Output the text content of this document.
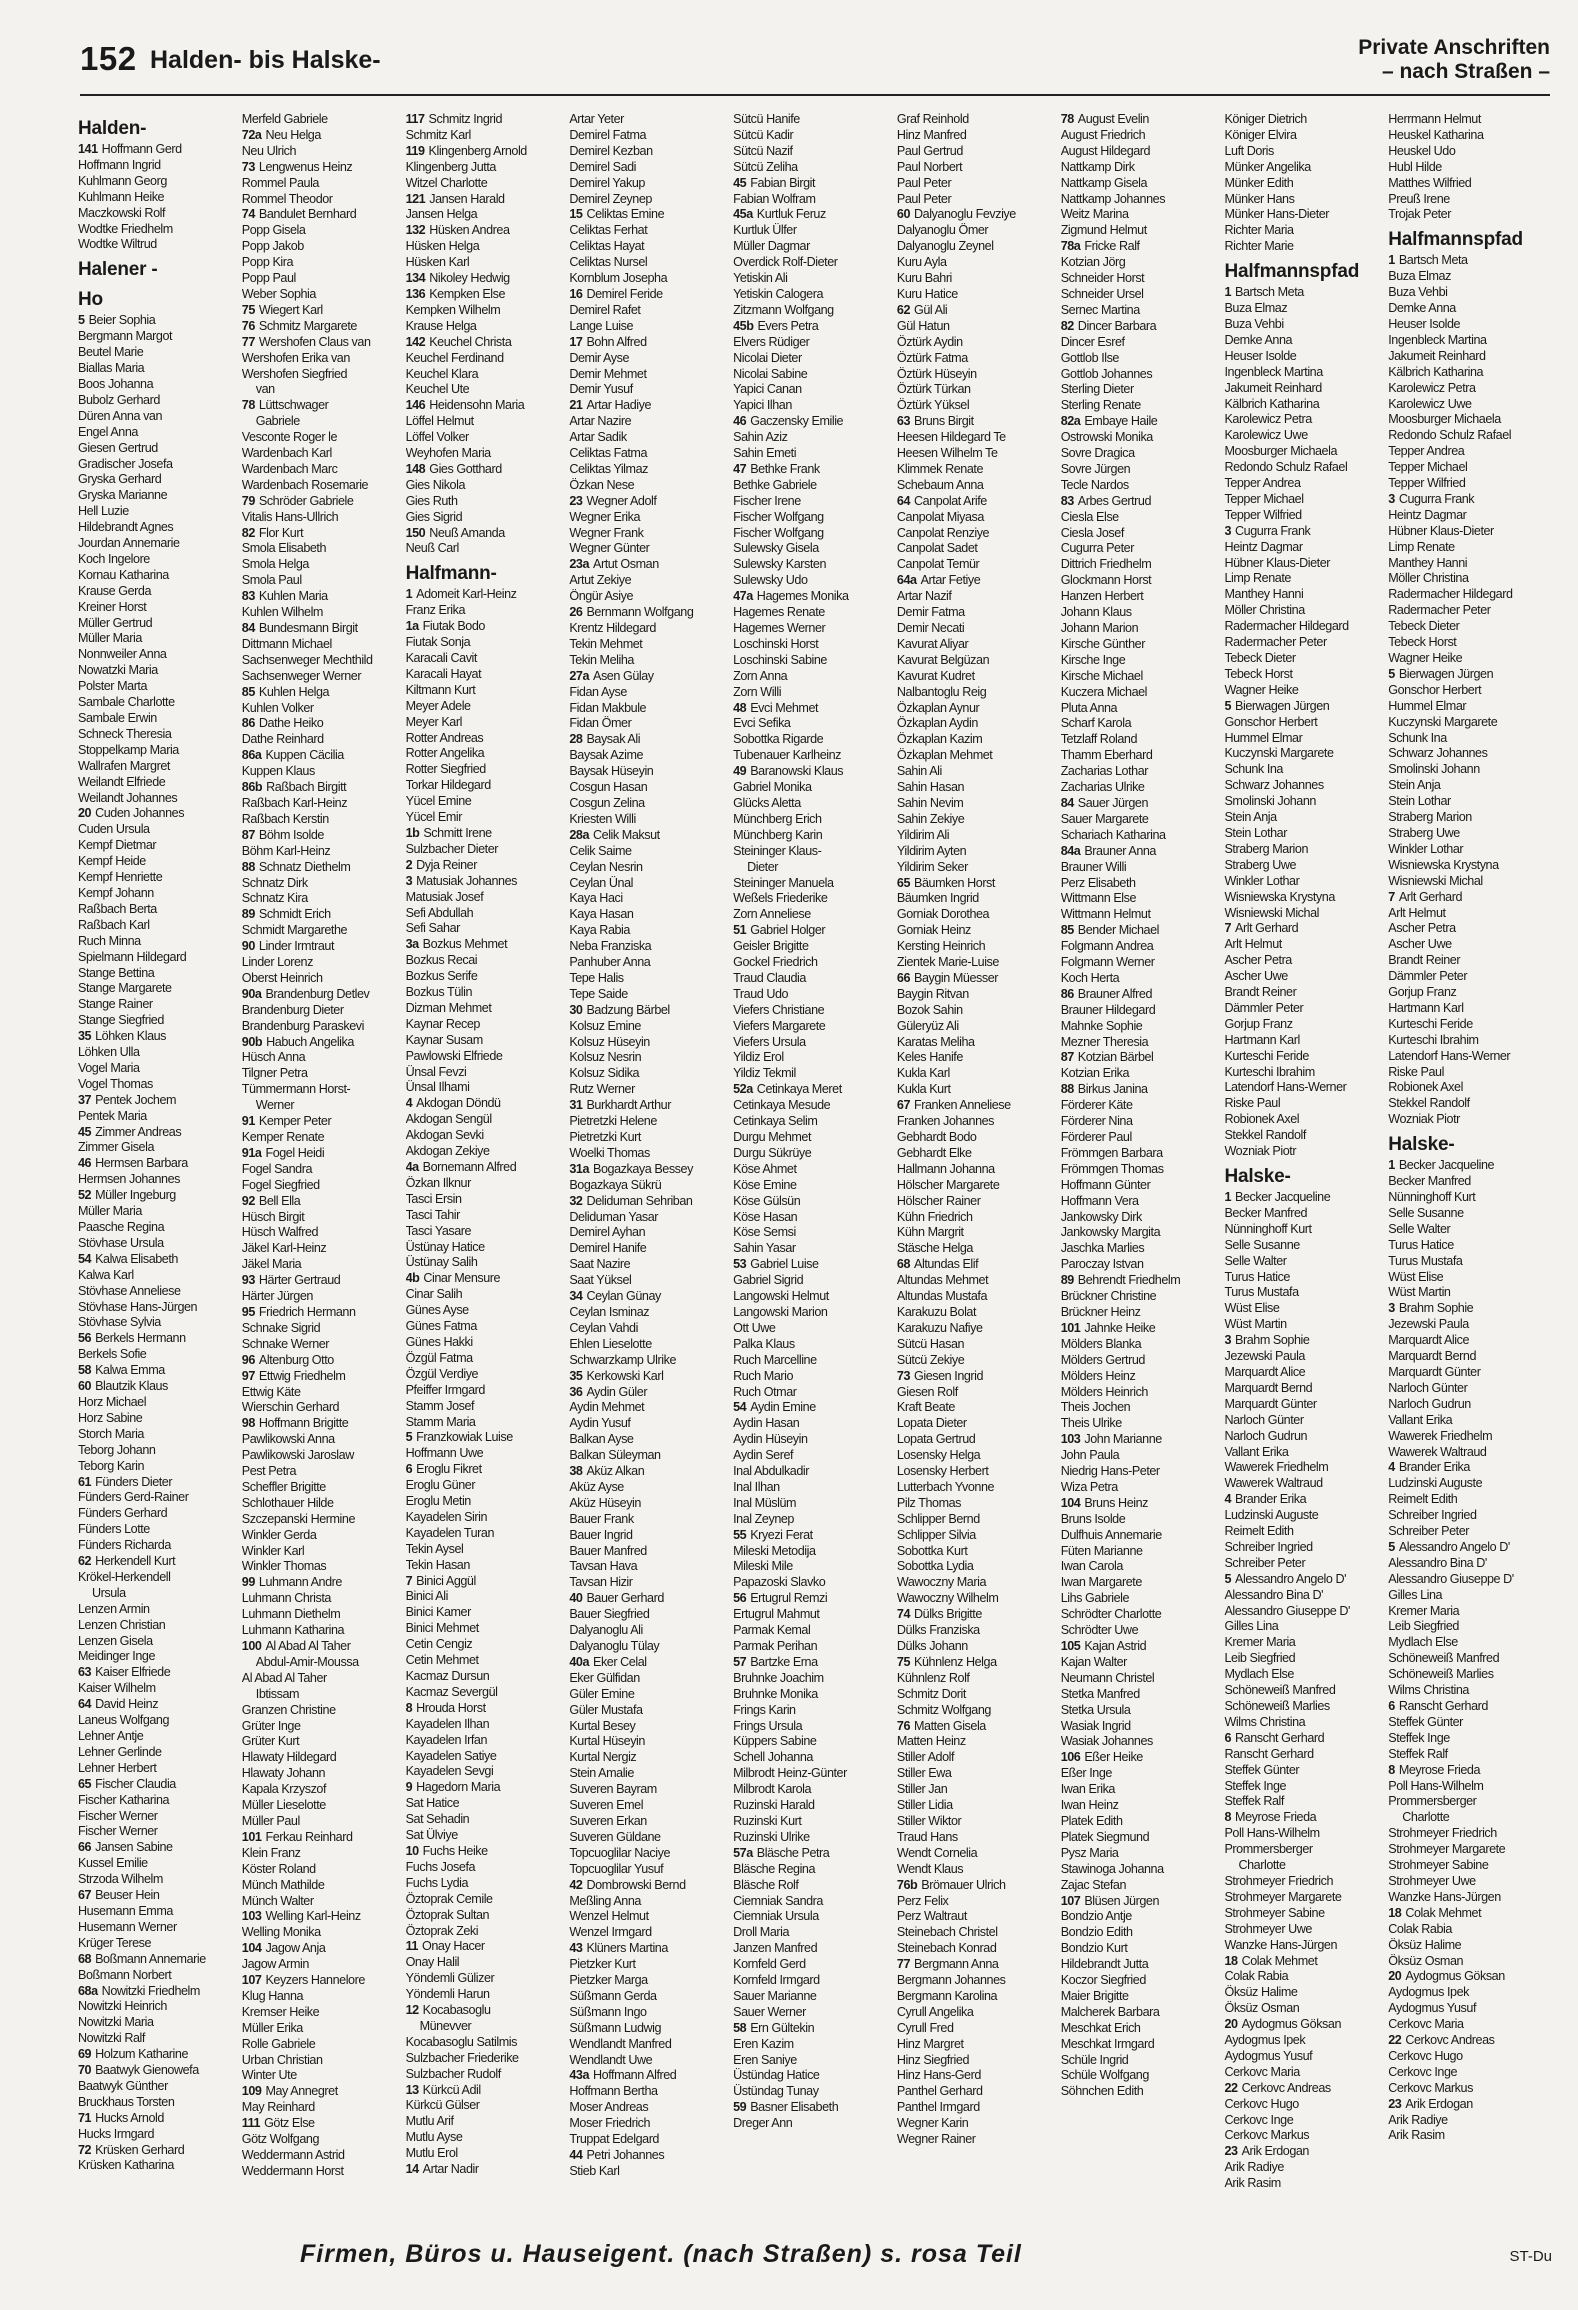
152 Halden- bis Halske-	Private Anschriften
– nach Straßen –
Halden-
141 Hoffmann Gerd
Hoffmann Ingrid
Kuhlmann Georg
Kuhlmann Heike
Maczkowski Rolf
Wodtke Friedhelm
Wodtke Wiltrud
Halener -
Ho
5 Beier Sophia
Bergmann Margot
Beutel Marie
Biallas Maria
Boos Johanna
Bubolz Gerhard
Düren Anna van
Engel Anna
Giesen Gertrud
Gradischer Josefa
Gryska Gerhard
Gryska Marianne
Hell Luzie
Hildebrandt Agnes
Jourdan Annemarie
Koch Ingelore
Kornau Katharina
Krause Gerda
Kreiner Horst
Müller Gertrud
Müller Maria
Nonnweiler Anna
Nowatzki Maria
Polster Marta
Sambale Charlotte
Sambale Erwin
Schneck Theresia
Stoppelkamp Maria
Wallrafen Margret
Weilandt Elfriede
Weilandt Johannes
20 Cuden Johannes
Cuden Ursula
Kempf Dietmar
Kempf Heide
Kempf Henriette
Kempf Johann
Raßbach Berta
Raßbach Karl
Ruch Minna
Spielmann Hildegard
Stange Bettina
Stange Margarete
Stange Rainer
Stange Siegfried
35 Löhken Klaus
Löhken Ulla
Vogel Maria
Vogel Thomas
37 Pentek Jochem
Pentek Maria
45 Zimmer Andreas
Zimmer Gisela
46 Hermsen Barbara
Hermsen Johannes
52 Müller Ingeburg
Müller Maria
Paasche Regina
Stövhase Ursula
54 Kalwa Elisabeth
Kalwa Karl
Stövhase Anneliese
Stövhase Hans-Jürgen
Stövhase Sylvia
56 Berkels Hermann
Berkels Sofie
58 Kalwa Emma
60 Blautzik Klaus
Horz Michael
Horz Sabine
Storch Maria
Teborg Johann
Teborg Karin
61 Fünders Dieter
Fünders Gerd-Rainer
Fünders Gerhard
Fünders Lotte
Fünders Richarda
62 Herkendell Kurt
Krökel-Herkendell
Ursula
Lenzen Armin
Lenzen Christian
Lenzen Gisela
Meidinger Inge
63 Kaiser Elfriede
Kaiser Wilhelm
64 David Heinz
Laneus Wolfgang
Lehner Antje
Lehner Gerlinde
Lehner Herbert
65 Fischer Claudia
Fischer Katharina
Fischer Werner
Fischer Werner
66 Jansen Sabine
Kussel Emilie
Strzoda Wilhelm
67 Beuser Hein
Husemann Emma
Husemann Werner
Krüger Terese
68 Boßmann Annemarie
Boßmann Norbert
68a Nowitzki Friedhelm
Nowitzki Heinrich
Nowitzki Maria
Nowitzki Ralf
69 Holzum Katharine
70 Baatwyk Gienowefa
Baatwyk Günther
Bruckhaus Torsten
71 Hucks Arnold
Hucks Irmgard
72 Krüsken Gerhard
Krüsken Katharina
Merfeld Gabriele
72a Neu Helga
Neu Ulrich
73 Lengwenus Heinz
Rommel Paula
Rommel Theodor
74 Bandulet Bernhard
Popp Gisela
Popp Jakob
Popp Kira
Popp Paul
Weber Sophia
75 Wiegert Karl
76 Schmitz Margarete
77 Wershofen Claus van
Wershofen Erika van
Wershofen Siegfried
van
78 Lüttschwager
Gabriele
Vesconte Roger le
Wardenbach Karl
Wardenbach Marc
Wardenbach Rosemarie
79 Schröder Gabriele
Vitalis Hans-Ullrich
82 Flor Kurt
Smola Elisabeth
Smola Helga
Smola Paul
83 Kuhlen Maria
Kuhlen Wilhelm
84 Bundesmann Birgit
Dittmann Michael
Sachsenweger Mechthild
Sachsenweger Werner
85 Kuhlen Helga
Kuhlen Volker
86 Dathe Heiko
Dathe Reinhard
86a Kuppen Cäcilia
Kuppen Klaus
86b Raßbach Birgitt
Raßbach Karl-Heinz
Raßbach Kerstin
87 Böhm Isolde
Böhm Karl-Heinz
88 Schnatz Diethelm
Schnatz Dirk
Schnatz Kira
89 Schmidt Erich
Schmidt Margarethe
90 Linder Irmtraut
Linder Lorenz
Oberst Heinrich
90a Brandenburg Detlev
Brandenburg Dieter
Brandenburg Paraskevi
90b Habuch Angelika
Hüsch Anna
Tilgner Petra
Tümmermann Horst-
Werner
91 Kemper Peter
Kemper Renate
91a Fogel Heidi
Fogel Sandra
Fogel Siegfried
92 Bell Ella
Hüsch Birgit
Hüsch Walfred
Jäkel Karl-Heinz
Jäkel Maria
93 Härter Gertraud
Härter Jürgen
95 Friedrich Hermann
Schnake Sigrid
Schnake Werner
96 Altenburg Otto
97 Ettwig Friedhelm
Ettwig Käte
Wierschin Gerhard
98 Hoffmann Brigitte
Pawlikowski Anna
Pawlikowski Jaroslaw
Pest Petra
Scheffler Brigitte
Schlothauer Hilde
Szczepanski Hermine
Winkler Gerda
Winkler Karl
Winkler Thomas
99 Luhmann Andre
Luhmann Christa
Luhmann Diethelm
Luhmann Katharina
100 Al Abad Al Taher
Abdul-Amir-Moussa
Al Abad Al Taher
Ibtissam
Granzen Christine
Grüter Inge
Grüter Kurt
Hlawaty Hildegard
Hlawaty Johann
Kapala Krzyszof
Müller Lieselotte
Müller Paul
101 Ferkau Reinhard
Klein Franz
Köster Roland
Münch Mathilde
Münch Walter
103 Welling Karl-Heinz
Welling Monika
104 Jagow Anja
Jagow Armin
107 Keyzers Hannelore
Klug Hanna
Kremser Heike
Müller Erika
Rolle Gabriele
Urban Christian
Winter Ute
109 May Annegret
May Reinhard
111 Götz Else
Götz Wolfgang
Weddermann Astrid
Weddermann Horst
117 Schmitz Ingrid
Schmitz Karl
119 Klingenberg Arnold
Klingenberg Jutta
Witzel Charlotte
121 Jansen Harald
Jansen Helga
132 Hüsken Andrea
Hüsken Helga
Hüsken Karl
134 Nikoley Hedwig
136 Kempken Else
Kempken Wilhelm
Krause Helga
142 Keuchel Christa
Keuchel Ferdinand
Keuchel Klara
Keuchel Ute
146 Heidensohn Maria
Löffel Helmut
Löffel Volker
Weyhofen Maria
148 Gies Gotthard
Gies Nikola
Gies Ruth
Gies Sigrid
150 Neuß Amanda
Neuß Carl
Halfmann-
1 Adomeit Karl-Heinz
Franz Erika
1a Fiutak Bodo
Fiutak Sonja
Karacali Cavit
Karacali Hayat
Kiltmann Kurt
Meyer Adele
Meyer Karl
Rotter Andreas
Rotter Angelika
Rotter Siegfried
Torkar Hildegard
Yücel Emine
Yücel Emir
1b Schmitt Irene
Sulzbacher Dieter
2 Dyja Reiner
3 Matusiak Johannes
Matusiak Josef
Sefi Abdullah
Sefi Sahar
3a Bozkus Mehmet
Bozkus Recai
Bozkus Serife
Bozkus Tülin
Dizman Mehmet
Kaynar Recep
Kaynar Susam
Pawlowski Elfriede
Ünsal Fevzi
Ünsal Ilhami
4 Akdogan Döndü
Akdogan Sengül
Akdogan Sevki
Akdogan Zekiye
4a Bornemann Alfred
Özkan Ilknur
Tasci Ersin
Tasci Tahir
Tasci Yasare
Üstünay Hatice
Üstünay Salih
4b Cinar Mensure
Cinar Salih
Günes Ayse
Günes Fatma
Günes Hakki
Özgül Fatma
Özgül Verdiye
Pfeiffer Irmgard
Stamm Josef
Stamm Maria
5 Franzkowiak Luise
Hoffmann Uwe
6 Eroglu Fikret
Eroglu Güner
Eroglu Metin
Kayadelen Sirin
Kayadelen Turan
Tekin Aysel
Tekin Hasan
7 Binici Aggül
Binici Ali
Binici Kamer
Binici Mehmet
Cetin Cengiz
Cetin Mehmet
Kacmaz Dursun
Kacmaz Severgül
8 Hrouda Horst
Kayadelen Ilhan
Kayadelen Irfan
Kayadelen Satiye
Kayadelen Sevgi
9 Hagedorn Maria
Sat Hatice
Sat Sehadin
Sat Ülviye
10 Fuchs Heike
Fuchs Josefa
Fuchs Lydia
Öztoprak Cemile
Öztoprak Sultan
Öztoprak Zeki
11 Onay Hacer
Onay Halil
Yöndemli Gülizer
Yöndemli Harun
12 Kocabasoglu
Münevver
Kocabasoglu Satilmis
Sulzbacher Friederike
Sulzbacher Rudolf
13 Kürkcü Adil
Kürkcü Gülser
Mutlu Arif
Mutlu Ayse
Mutlu Erol
14 Artar Nadir
Artar Yeter
Demirel Fatma
Demirel Kezban
Demirel Sadi
Demirel Yakup
Demirel Zeynep
15 Celiktas Emine
Celiktas Ferhat
Celiktas Hayat
Celiktas Nursel
Kornblum Josepha
16 Demirel Feride
Demirel Rafet
Lange Luise
17 Bohn Alfred
Demir Ayse
Demir Mehmet
Demir Yusuf
21 Artar Hadiye
Artar Nazire
Artar Sadik
Celiktas Fatma
Celiktas Yilmaz
Özkan Nese
23 Wegner Adolf
Wegner Erika
Wegner Frank
Wegner Günter
23a Artut Osman
Artut Zekiye
Öngür Asiye
26 Bernmann Wolfgang
Krentz Hildegard
Tekin Mehmet
Tekin Meliha
27a Asen Gülay
Fidan Ayse
Fidan Makbule
Fidan Ömer
28 Baysak Ali
Baysak Azime
Baysak Hüseyin
Cosgun Hasan
Cosgun Zelina
Kriesten Willi
28a Celik Maksut
Celik Saime
Ceylan Nesrin
Ceylan Ünal
Kaya Haci
Kaya Hasan
Kaya Rabia
Neba Franziska
Panhuber Anna
Tepe Halis
Tepe Saide
30 Badzung Bärbel
Kolsuz Emine
Kolsuz Hüseyin
Kolsuz Nesrin
Kolsuz Sidika
Rutz Werner
31 Burkhardt Arthur
Pietretzki Helene
Pietretzki Kurt
Woelki Thomas
31a Bogazkaya Bessey
Bogazkaya Sükrü
32 Deliduman Sehriban
Deliduman Yasar
Demirel Ayhan
Demirel Hanife
Saat Nazire
Saat Yüksel
34 Ceylan Günay
Ceylan Isminaz
Ceylan Vahdi
Ehlen Lieselotte
Schwarzkamp Ulrike
35 Kerkowski Karl
36 Aydin Güler
Aydin Mehmet
Aydin Yusuf
Balkan Ayse
Balkan Süleyman
38 Aküz Alkan
Aküz Ayse
Aküz Hüseyin
Bauer Frank
Bauer Ingrid
Bauer Manfred
Tavsan Hava
Tavsan Hizir
40 Bauer Gerhard
Bauer Siegfried
Dalyanoglu Ali
Dalyanoglu Tülay
40a Eker Celal
Eker Gülfidan
Güler Emine
Güler Mustafa
Kurtal Besey
Kurtal Hüseyin
Kurtal Nergiz
Stein Amalie
Suveren Bayram
Suveren Emel
Suveren Erkan
Suveren Güldane
Topcuoglilar Naciye
Topcuoglilar Yusuf
42 Dombrowski Bernd
Meßling Anna
Wenzel Helmut
Wenzel Irmgard
43 Klüners Martina
Pietzker Kurt
Pietzker Marga
Süßmann Gerda
Süßmann Ingo
Süßmann Ludwig
Wendlandt Manfred
Wendlandt Uwe
43a Hoffmann Alfred
Hoffmann Bertha
Moser Andreas
Moser Friedrich
Truppat Edelgard
44 Petri Johannes
Stieb Karl
Sütcü Hanife
Sütcü Kadir
Sütcü Nazif
Sütcü Zeliha
45 Fabian Birgit
Fabian Wolfram
45a Kurtluk Feruz
Kurtluk Ülfer
Müller Dagmar
Overdick Rolf-Dieter
Yetiskin Ali
Yetiskin Calogera
Zitzmann Wolfgang
45b Evers Petra
Elvers Rüdiger
Nicolai Dieter
Nicolai Sabine
Yapici Canan
Yapici Ilhan
46 Gaczensky Emilie
Sahin Aziz
Sahin Emeti
47 Bethke Frank
Bethke Gabriele
Fischer Irene
Fischer Wolfgang
Fischer Wolfgang
Sulewsky Gisela
Sulewsky Karsten
Sulewsky Udo
47a Hagemes Monika
Hagemes Renate
Hagemes Werner
Loschinski Horst
Loschinski Sabine
Zorn Anna
Zorn Willi
48 Evci Mehmet
Evci Sefika
Sobottka Rigarde
Tubenauer Karlheinz
49 Baranowski Klaus
Gabriel Monika
Glücks Aletta
Münchberg Erich
Münchberg Karin
Steininger Klaus-
Dieter
Steininger Manuela
Weßels Friederike
Zorn Anneliese
51 Gabriel Holger
Geisler Brigitte
Gockel Friedrich
Traud Claudia
Traud Udo
Viefers Christiane
Viefers Margarete
Viefers Ursula
Yildiz Erol
Yildiz Tekmil
52a Cetinkaya Meret
Cetinkaya Mesude
Cetinkaya Selim
Durgu Mehmet
Durgu Sükrüye
Köse Ahmet
Köse Emine
Köse Gülsün
Köse Hasan
Köse Semsi
Sahin Yasar
53 Gabriel Luise
Gabriel Sigrid
Langowski Helmut
Langowski Marion
Ott Uwe
Palka Klaus
Ruch Marcelline
Ruch Mario
Ruch Otmar
54 Aydin Emine
Aydin Hasan
Aydin Hüseyin
Aydin Seref
Inal Abdulkadir
Inal Ilhan
Inal Müslüm
Inal Zeynep
55 Kryezi Ferat
Mileski Metodija
Mileski Mile
Papazoski Slavko
56 Ertugrul Remzi
Ertugrul Mahmut
Parmak Kemal
Parmak Perihan
57 Bartzke Erna
Bruhnke Joachim
Bruhnke Monika
Frings Karin
Frings Ursula
Küppers Sabine
Schell Johanna
Milbrodt Heinz-Günter
Milbrodt Karola
Ruzinski Harald
Ruzinski Kurt
Ruzinski Ulrike
57a Bläsche Petra
Bläsche Regina
Bläsche Rolf
Ciemniak Sandra
Ciemniak Ursula
Droll Maria
Janzen Manfred
Kornfeld Gerd
Kornfeld Irmgard
Sauer Marianne
Sauer Werner
58 Ern Gültekin
Eren Kazim
Eren Saniye
Üstündag Hatice
Üstündag Tunay
59 Basner Elisabeth
Dreger Ann
Graf Reinhold
Hinz Manfred
Paul Gertrud
Paul Norbert
Paul Peter
Paul Peter
60 Dalyanoglu Fevziye
Dalyanoglu Ömer
Dalyanoglu Zeynel
Kuru Ayla
Kuru Bahri
Kuru Hatice
62 Gül Ali
Gül Hatun
Öztürk Aydin
Öztürk Fatma
Öztürk Hüseyin
Öztürk Türkan
Öztürk Yüksel
63 Bruns Birgit
Heesen Hildegard Te
Heesen Wilhelm Te
Klimmek Renate
Schebaum Anna
64 Canpolat Arife
Canpolat Miyasa
Canpolat Renziye
Canpolat Sadet
Canpolat Temür
64a Artar Fetiye
Artar Nazif
Demir Fatma
Demir Necati
Kavurat Aliyar
Kavurat Belgüzan
Kavurat Kudret
Nalbantoglu Reig
Özkaplan Aynur
Özkaplan Aydin
Özkaplan Kazim
Özkaplan Mehmet
Sahin Ali
Sahin Hasan
Sahin Nevim
Sahin Zekiye
Yildirim Ali
Yildirim Ayten
Yildirim Seker
65 Bäumken Horst
Bäumken Ingrid
Gorniak Dorothea
Gorniak Heinz
Kersting Heinrich
Zientek Marie-Luise
66 Baygin Müesser
Baygin Ritvan
Bozok Sahin
Güleryüz Ali
Karatas Meliha
Keles Hanife
Kukla Karl
Kukla Kurt
67 Franken Anneliese
Franken Johannes
Gebhardt Bodo
Gebhardt Elke
Hallmann Johanna
Hölscher Margarete
Hölscher Rainer
Kühn Friedrich
Kühn Margrit
Stäsche Helga
68 Altundas Elif
Altundas Mehmet
Altundas Mustafa
Karakuzu Bolat
Karakuzu Nafiye
Sütcü Hasan
Sütcü Zekiye
73 Giesen Ingrid
Giesen Rolf
Kraft Beate
Lopata Dieter
Lopata Gertrud
Losensky Helga
Losensky Herbert
Lutterbach Yvonne
Pilz Thomas
Schlipper Bernd
Schlipper Silvia
Sobottka Kurt
Sobottka Lydia
Wawoczny Maria
Wawoczny Wilhelm
74 Dülks Brigitte
Dülks Franziska
Dülks Johann
75 Kühnlenz Helga
Kühnlenz Rolf
Schmitz Dorit
Schmitz Wolfgang
76 Matten Gisela
Matten Heinz
Stiller Adolf
Stiller Ewa
Stiller Jan
Stiller Lidia
Stiller Wiktor
Traud Hans
Wendt Cornelia
Wendt Klaus
76b Brömauer Ulrich
Perz Felix
Perz Waltraut
Steinebach Christel
Steinebach Konrad
77 Bergmann Anna
Bergmann Johannes
Bergmann Karolina
Cyrull Angelika
Cyrull Fred
Hinz Margret
Hinz Siegfried
Hinz Hans-Gerd
Panthel Gerhard
Panthel Irmgard
Wegner Karin
Wegner Rainer
78 August Evelin
August Friedrich
August Hildegard
Nattkamp Dirk
Nattkamp Gisela
Nattkamp Johannes
Weitz Marina
Zigmund Helmut
78a Fricke Ralf
Kotzian Jörg
Schneider Horst
Schneider Ursel
Sernec Martina
82 Dincer Barbara
Dincer Esref
Gottlob Ilse
Gottlob Johannes
Sterling Dieter
Sterling Renate
82a Embaye Haile
Ostrowski Monika
Sovre Dragica
Sovre Jürgen
Tecle Nardos
83 Arbes Gertrud
Ciesla Else
Ciesla Josef
Cugurra Peter
Dittrich Friedhelm
Glockmann Horst
Hanzen Herbert
Johann Klaus
Johann Marion
Kirsche Günther
Kirsche Inge
Kirsche Michael
Kuczera Michael
Pluta Anna
Scharf Karola
Tetzlaff Roland
Thamm Eberhard
Zacharias Lothar
Zacharias Ulrike
84 Sauer Jürgen
Sauer Margarete
Schariach Katharina
84a Brauner Anna
Brauner Willi
Perz Elisabeth
Wittmann Else
Wittmann Helmut
85 Bender Michael
Folgmann Andrea
Folgmann Werner
Koch Herta
86 Brauner Alfred
Brauner Hildegard
Mahnke Sophie
Mezner Theresia
87 Kotzian Bärbel
Kotzian Erika
88 Birkus Janina
Förderer Käte
Förderer Nina
Förderer Paul
Frömmgen Barbara
Frömmgen Thomas
Hoffmann Günter
Hoffmann Vera
Jankowsky Dirk
Jankowsky Margita
Jaschka Marlies
Paroczay Istvan
89 Behrendt Friedhelm
Brückner Christine
Brückner Heinz
101 Jahnke Heike
Mölders Blanka
Mölders Gertrud
Mölders Heinz
Mölders Heinrich
Theis Jochen
Theis Ulrike
103 John Marianne
John Paula
Niedrig Hans-Peter
Wiza Petra
104 Bruns Heinz
Bruns Isolde
Dulfhuis Annemarie
Füten Marianne
Iwan Carola
Iwan Margarete
Lihs Gabriele
Schrödter Charlotte
Schrödter Uwe
105 Kajan Astrid
Kajan Walter
Neumann Christel
Stetka Manfred
Stetka Ursula
Wasiak Ingrid
Wasiak Johannes
106 Eßer Heike
Eßer Inge
Iwan Erika
Iwan Heinz
Platek Edith
Platek Siegmund
Pysz Maria
Stawinoga Johanna
Zajac Stefan
107 Blüsen Jürgen
Bondzio Antje
Bondzio Edith
Bondzio Kurt
Hildebrandt Jutta
Koczor Siegfried
Maier Brigitte
Malcherek Barbara
Meschkat Erich
Meschkat Irmgard
Schüle Ingrid
Schüle Wolfgang
Söhnchen Edith
Königer Dietrich
Königer Elvira
Luft Doris
Münker Angelika
Münker Edith
Münker Hans
Münker Hans-Dieter
Richter Maria
Richter Marie
Halfmannspfad
1 Bartsch Meta
Buza Elmaz
Buza Vehbi
Demke Anna
Heuser Isolde
Ingenbleck Martina
Jakumeit Reinhard
Kälbrich Katharina
Karolewicz Petra
Karolewicz Uwe
Moosburger Michaela
Redondo Schulz Rafael
Tepper Andrea
Tepper Michael
Tepper Wilfried
3 Cugurra Frank
Heintz Dagmar
Hübner Klaus-Dieter
Limp Renate
Manthey Hanni
Möller Christina
Radermacher Hildegard
Radermacher Peter
Tebeck Dieter
Tebeck Horst
Wagner Heike
5 Bierwagen Jürgen
Gonschor Herbert
Hummel Elmar
Kuczynski Margarete
Schunk Ina
Schwarz Johannes
Smolinski Johann
Stein Anja
Stein Lothar
Straberg Marion
Straberg Uwe
Winkler Lothar
Wisniewska Krystyna
Wisniewski Michal
7 Arlt Gerhard
Arlt Helmut
Ascher Petra
Ascher Uwe
Brandt Reiner
Dämmler Peter
Gorjup Franz
Hartmann Karl
Kurteschi Feride
Kurteschi Ibrahim
Latendorf Hans-Werner
Riske Paul
Robionek Axel
Stekkel Randolf
Wozniak Piotr
Halske-
1 Becker Jacqueline
Becker Manfred
Nünninghoff Kurt
Selle Susanne
Selle Walter
Turus Hatice
Turus Mustafa
Wüst Elise
Wüst Martin
3 Brahm Sophie
Jezewski Paula
Marquardt Alice
Marquardt Bernd
Marquardt Günter
Narloch Günter
Narloch Gudrun
Vallant Erika
Wawerek Friedhelm
Wawerek Waltraud
4 Brander Erika
Ludzinski Auguste
Reimelt Edith
Schreiber Ingried
Schreiber Peter
5 Alessandro Angelo D'
Alessandro Bina D'
Alessandro Giuseppe D'
Gilles Lina
Kremer Maria
Leib Siegfried
Mydlach Else
Schöneweiß Manfred
Schöneweiß Marlies
Wilms Christina
6 Ranscht Gerhard
Ranscht Gerhard
Steffek Günter
Steffek Inge
Steffek Ralf
8 Meyrose Frieda
Poll Hans-Wilhelm
Prommersberger
Charlotte
Strohmeyer Friedrich
Strohmeyer Margarete
Strohmeyer Sabine
Strohmeyer Uwe
Wanzke Hans-Jürgen
18 Colak Mehmet
Colak Rabia
Öksüz Halime
Öksüz Osman
20 Aydogmus Göksan
Aydogmus Ipek
Aydogmus Yusuf
Cerkovc Maria
22 Cerkovc Andreas
Cerkovc Hugo
Cerkovc Inge
Cerkovc Markus
23 Arik Erdogan
Arik Radiye
Arik Rasim
Herrmann Helmut
Heuskel Katharina
Heuskel Udo
Hubl Hilde
Matthes Wilfried
Preuß Irene
Trojak Peter
Halfmannspfad
1 Bartsch Meta
Buza Elmaz
Buza Vehbi
Demke Anna
Heuser Isolde
Ingenbleck Martina
Jakumeit Reinhard
Kälbrich Katharina
Karolewicz Petra
Karolewicz Uwe
Moosburger Michaela
Redondo Schulz Rafael
Tepper Andrea
Tepper Michael
Tepper Wilfried
3 Cugurra Frank
Heintz Dagmar
Hübner Klaus-Dieter
Limp Renate
Manthey Hanni
Möller Christina
Radermacher Hildegard
Radermacher Peter
Tebeck Dieter
Tebeck Horst
Wagner Heike
5 Bierwagen Jürgen
Gonschor Herbert
Hummel Elmar
Kuczynski Margarete
Schunk Ina
Schwarz Johannes
Smolinski Johann
Stein Anja
Stein Lothar
Straberg Marion
Straberg Uwe
Winkler Lothar
Wisniewska Krystyna
Wisniewski Michal
7 Arlt Gerhard
Arlt Helmut
Ascher Petra
Ascher Uwe
Brandt Reiner
Dämmler Peter
Gorjup Franz
Hartmann Karl
Kurteschi Feride
Kurteschi Ibrahim
Latendorf Hans-Werner
Riske Paul
Robionek Axel
Stekkel Randolf
Wozniak Piotr
Halske-
1 Becker Jacqueline
Becker Manfred
Nünninghoff Kurt
Selle Susanne
Selle Walter
Turus Hatice
Turus Mustafa
Wüst Elise
Wüst Martin
3 Brahm Sophie
Jezewski Paula
Marquardt Alice
Marquardt Bernd
Marquardt Günter
Narloch Günter
Narloch Gudrun
Vallant Erika
Wawerek Friedhelm
Wawerek Waltraud
4 Brander Erika
Ludzinski Auguste
Reimelt Edith
Schreiber Ingried
Schreiber Peter
5 Alessandro Angelo D'
Alessandro Bina D'
Alessandro Giuseppe D'
Gilles Lina
Kremer Maria
Leib Siegfried
Mydlach Else
Schöneweiß Manfred
Schöneweiß Marlies
Wilms Christina
6 Ranscht Gerhard
Steffek Günter
Steffek Inge
Steffek Ralf
8 Meyrose Frieda
Poll Hans-Wilhelm
Prommersberger
Charlotte
Strohmeyer Friedrich
Strohmeyer Margarete
Strohmeyer Sabine
Strohmeyer Uwe
Wanzke Hans-Jürgen
18 Colak Mehmet
Colak Rabia
Öksüz Halime
Öksüz Osman
20 Aydogmus Göksan
Aydogmus Ipek
Aydogmus Yusuf
Cerkovc Maria
22 Cerkovc Andreas
Cerkovc Hugo
Cerkovc Inge
Cerkovc Markus
23 Arik Erdogan
Arik Radiye
Arik Rasim
Firmen, Büros u. Hauseigent. (nach Straßen) s. rosa Teil	ST-Du
